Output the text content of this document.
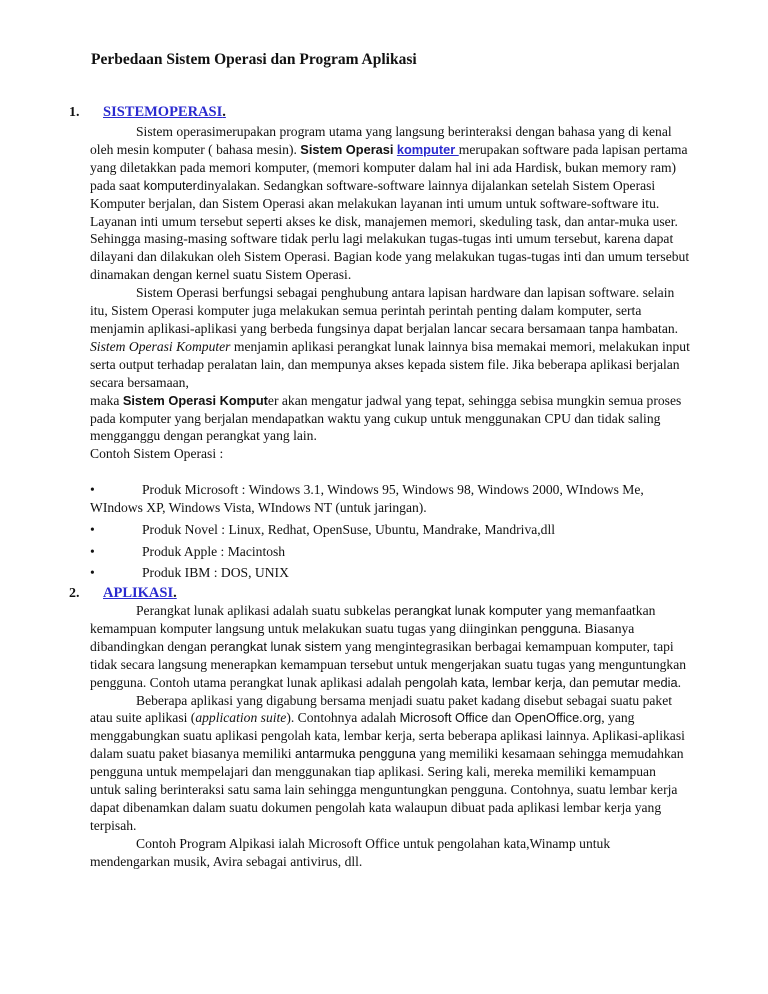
Perbedaan Sistem Operasi dan Program Aplikasi
1. SISTEMOPERASI.

Sistem operasimerupakan program utama yang langsung berinteraksi dengan bahasa yang di kenal oleh mesin komputer ( bahasa mesin). Sistem Operasi komputer merupakan software pada lapisan pertama yang diletakkan pada memori komputer, (memori komputer dalam hal ini ada Hardisk, bukan memory ram) pada saat komputerdinyalakan. Sedangkan software-software lainnya dijalankan setelah Sistem Operasi Komputer berjalan, dan Sistem Operasi akan melakukan layanan inti umum untuk software-software itu. Layanan inti umum tersebut seperti akses ke disk, manajemen memori, skeduling task, dan antar-muka user. Sehingga masing-masing software tidak perlu lagi melakukan tugas-tugas inti umum tersebut, karena dapat dilayani dan dilakukan oleh Sistem Operasi. Bagian kode yang melakukan tugas-tugas inti dan umum tersebut dinamakan dengan kernel suatu Sistem Operasi.

Sistem Operasi berfungsi sebagai penghubung antara lapisan hardware dan lapisan software. selain itu, Sistem Operasi komputer juga melakukan semua perintah perintah penting dalam komputer, serta menjamin aplikasi-aplikasi yang berbeda fungsinya dapat berjalan lancar secara bersamaan tanpa hambatan. Sistem Operasi Komputer menjamin aplikasi perangkat lunak lainnya bisa memakai memori, melakukan input serta output terhadap peralatan lain, dan mempunya akses kepada sistem file. Jika beberapa aplikasi berjalan secara bersamaan,
maka Sistem Operasi Komputer akan mengatur jadwal yang tepat, sehingga sebisa mungkin semua proses pada komputer yang berjalan mendapatkan waktu yang cukup untuk menggunakan CPU dan tidak saling mengganggu dengan perangkat yang lain.

Contoh Sistem Operasi :

•	Produk Microsoft : Windows 3.1, Windows 95, Windows 98, Windows 2000, WIndows Me, WIndows XP, Windows Vista, WIndows NT (untuk jaringan).
•	Produk Novel : Linux, Redhat, OpenSuse, Ubuntu, Mandrake, Mandriva,dll
•	Produk Apple : Macintosh
•	Produk IBM : DOS, UNIX
2. APLIKASI.

Perangkat lunak aplikasi adalah suatu subkelas perangkat lunak komputer yang memanfaatkan kemampuan komputer langsung untuk melakukan suatu tugas yang diinginkan pengguna. Biasanya dibandingkan dengan perangkat lunak sistem yang mengintegrasikan berbagai kemampuan komputer, tapi tidak secara langsung menerapkan kemampuan tersebut untuk mengerjakan suatu tugas yang menguntungkan pengguna. Contoh utama perangkat lunak aplikasi adalah pengolah kata, lembar kerja, dan pemutar media.

Beberapa aplikasi yang digabung bersama menjadi suatu paket kadang disebut sebagai suatu paket atau suite aplikasi (application suite). Contohnya adalah Microsoft Office dan OpenOffice.org, yang menggabungkan suatu aplikasi pengolah kata, lembar kerja, serta beberapa aplikasi lainnya. Aplikasi-aplikasi dalam suatu paket biasanya memiliki antarmuka pengguna yang memiliki kesamaan sehingga memudahkan pengguna untuk mempelajari dan menggunakan tiap aplikasi. Sering kali, mereka memiliki kemampuan untuk saling berinteraksi satu sama lain sehingga menguntungkan pengguna. Contohnya, suatu lembar kerja dapat dibenamkan dalam suatu dokumen pengolah kata walaupun dibuat pada aplikasi lembar kerja yang terpisah.

Contoh Program Alpikasi ialah Microsoft Office untuk pengolahan kata,Winamp untuk mendengarkan musik, Avira sebagai antivirus, dll.
